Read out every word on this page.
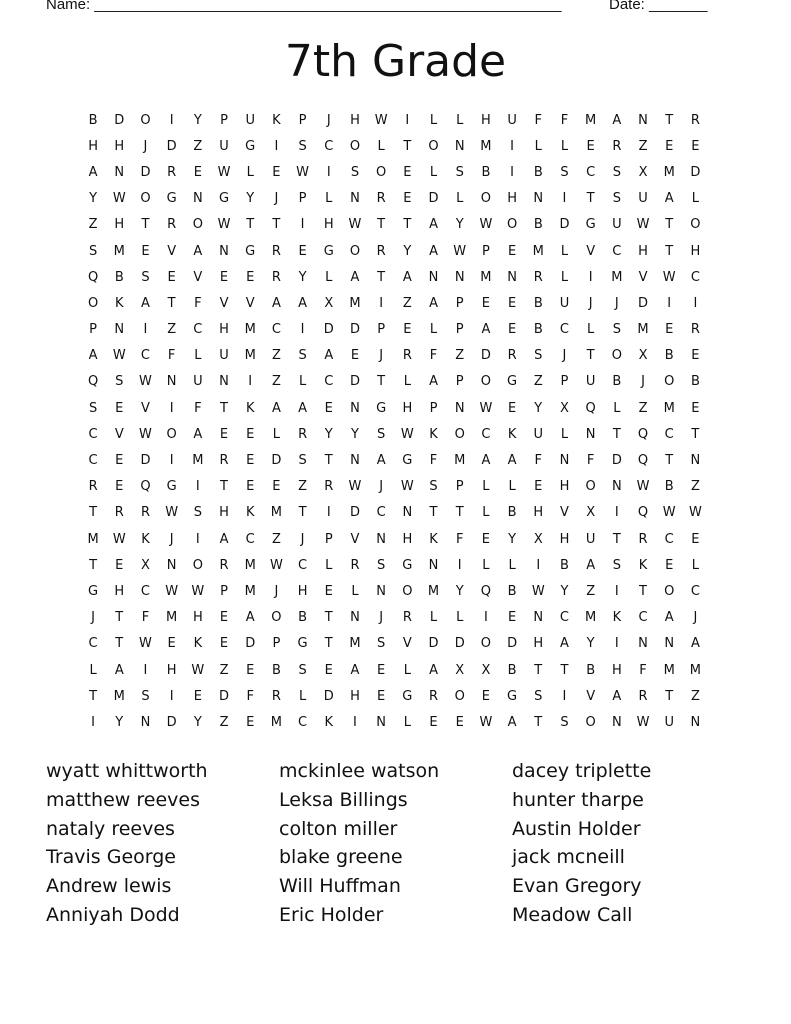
Name: ________________________________________________________	Date: _______
7th Grade
B	D	O	I	Y	P	U	K	P	J	H	W	I	L	L	H	U	F	F	M	A	N	T	R
H	H	J	D	Z	U	G	I	S	C	O	L	T	O	N	M	I	L	L	E	R	Z	E	E
A	N	D	R	E	W	L	E	W	I	S	O	E	L	S	B	I	B	S	C	S	X	M	D
Y	W	O	G	N	G	Y	J	P	L	N	R	E	D	L	O	H	N	I	T	S	U	A	L
Z	H	T	R	O	W	T	T	I	H	W	T	T	A	Y	W	O	B	D	G	U	W	T	O
S	M	E	V	A	N	G	R	E	G	O	R	Y	A	W	P	E	M	L	V	C	H	T	H
Q	B	S	E	V	E	E	R	Y	L	A	T	A	N	N	M	N	R	L	I	M	V	W	C
O	K	A	T	F	V	V	A	A	X	M	I	Z	A	P	E	E	B	U	J	J	D	I	I
P	N	I	Z	C	H	M	C	I	D	D	P	E	L	P	A	E	B	C	L	S	M	E	R
A	W	C	F	L	U	M	Z	S	A	E	J	R	F	Z	D	R	S	J	T	O	X	B	E
Q	S	W	N	U	N	I	Z	L	C	D	T	L	A	P	O	G	Z	P	U	B	J	O	B
S	E	V	I	F	T	K	A	A	E	N	G	H	P	N	W	E	Y	X	Q	L	Z	M	E
C	V	W	O	A	E	E	L	R	Y	Y	S	W	K	O	C	K	U	L	N	T	Q	C	T
C	E	D	I	M	R	E	D	S	T	N	A	G	F	M	A	A	F	N	F	D	Q	T	N
R	E	Q	G	I	T	E	E	Z	R	W	J	W	S	P	L	L	E	H	O	N	W	B	Z
T	R	R	W	S	H	K	M	T	I	D	C	N	T	T	L	B	H	V	X	I	Q	W	W
M	W	K	J	I	A	C	Z	J	P	V	N	H	K	F	E	Y	X	H	U	T	R	C	E
T	E	X	N	O	R	M	W	C	L	R	S	G	N	I	L	L	I	B	A	S	K	E	L
G	H	C	W	W	P	M	J	H	E	L	N	O	M	Y	Q	B	W	Y	Z	I	T	O	C
J	T	F	M	H	E	A	O	B	T	N	J	R	L	L	I	E	N	C	M	K	C	A	J
C	T	W	E	K	E	D	P	G	T	M	S	V	D	D	O	D	H	A	Y	I	N	N	A
L	A	I	H	W	Z	E	B	S	E	A	E	L	A	X	X	B	T	T	B	H	F	M	M
T	M	S	I	E	D	F	R	L	D	H	E	G	R	O	E	G	S	I	V	A	R	T	Z
I	Y	N	D	Y	Z	E	M	C	K	I	N	L	E	E	W	A	T	S	O	N	W	U	N
wyatt whittworth
matthew reeves
nataly reeves
Travis George
Andrew lewis
Anniyah Dodd
mckinlee watson
Leksa Billings
colton miller
blake greene
Will Huffman
Eric Holder
dacey triplette
hunter tharpe
Austin Holder
jack mcneill
Evan Gregory
Meadow Call
